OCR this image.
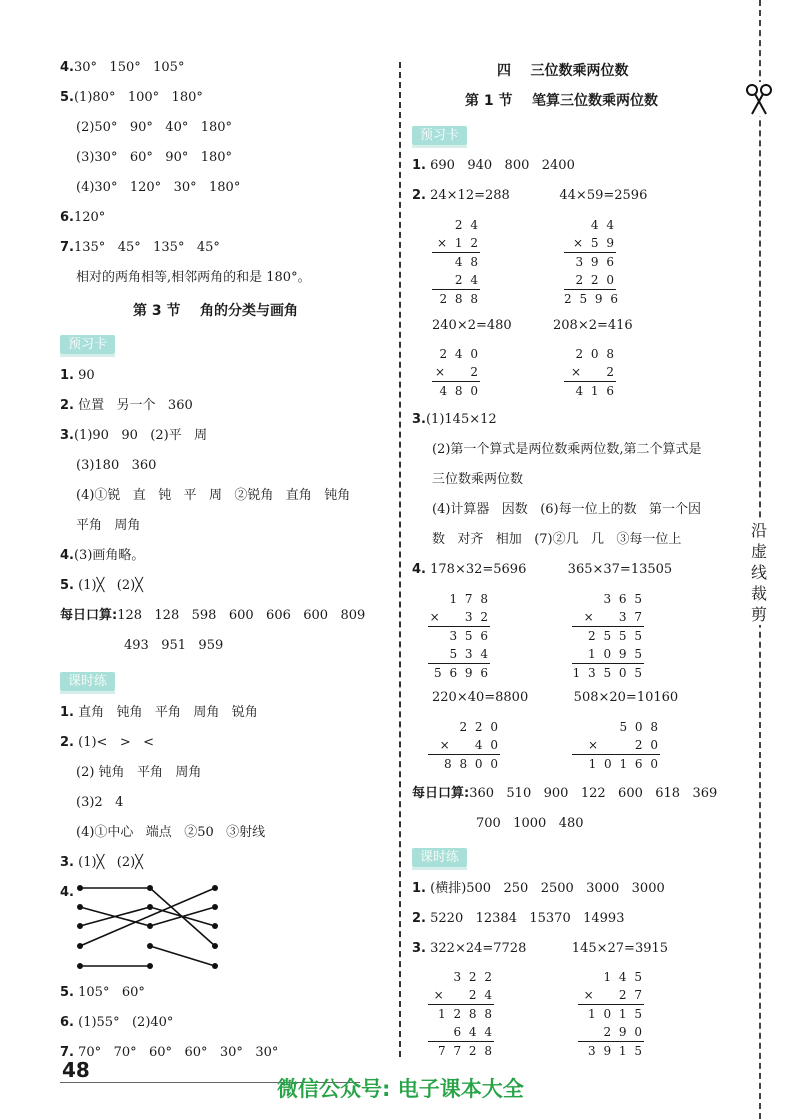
沿
虚
线
裁
剪
4.30°   150°   105°
5.(1)80°   100°   180°
(2)50°   90°   40°   180°
(3)30°   60°   90°   180°
(4)30°   120°   30°   180°
6.120°
7.135°   45°   135°   45°
相对的两角相等,相邻两角的和是 180°。
第 3 节    角的分类与画角
预习卡
1. 90
2. 位置   另一个   360
3.(1)90   90   (2)平   周
(3)180   360
(4)①锐   直   钝   平   周   ②锐角   直角   钝角
平角   周角
4.(3)画角略。
5. (1)╳   (2)╳
每日口算:128   128   598   600   606   600   809
493   951   959
课时练
1. 直角   钝角   平角   周角   锐角
2. (1)<   >   <
(2) 钝角   平角   周角
(3)2   4
(4)①中心   端点   ②50   ③射线
3. (1)╳   (2)╳
4.
5. 105°   60°
6. (1)55°   (2)40°
7. 70°   70°   60°   60°   30°   30°
48
四    三位数乘两位数
第 1 节    笔算三位数乘两位数
预习卡
1. 690   940   800   2400
2. 24×12=288            44×59=2596
2 4
× 1 2
4 8
2 4
2 8 8
4 4
× 5 9
3 9 6
2 2 0
2 5 9 6
240×2=480          208×2=416
2 4 0
×    2
4 8 0
2 0 8
×    2
4 1 6
3.(1)145×12
(2)第一个算式是两位数乘两位数,第二个算式是
三位数乘两位数
(4)计算器   因数   (6)每一位上的数   第一个因
数   对齐   相加   (7)②几   几   ③每一位上
4. 178×32=5696          365×37=13505
1 7 8
×    3 2
3 5 6
5 3 4
5 6 9 6
3 6 5
×    3 7
2 5 5 5
1 0 9 5
1 3 5 0 5
220×40=8800           508×20=10160
2 2 0
×    4 0
8 8 0 0
5 0 8
×      2 0
1 0 1 6 0
每日口算:360   510   900   122   600   618   369
700   1000   480
课时练
1. (横排)500   250   2500   3000   3000
2. 5220   12384   15370   14993
3. 322×24=7728           145×27=3915
3 2 2
×    2 4
1 2 8 8
6 4 4
7 7 2 8
1 4 5
×    2 7
1 0 1 5
2 9 0
3 9 1 5
微信公众号: 电子课本大全
